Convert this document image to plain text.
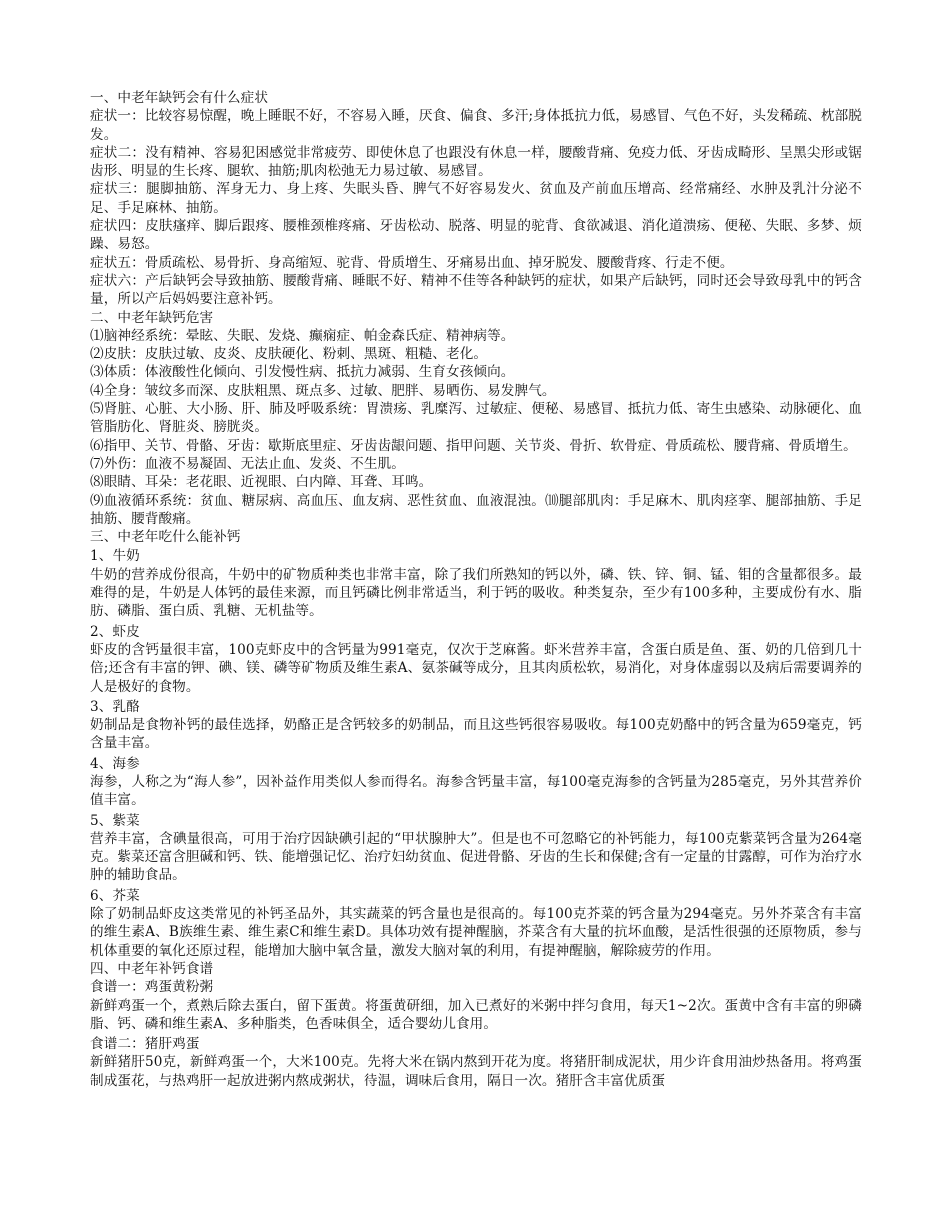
一、中老年缺钙会有什么症状

症状一：比较容易惊醒，晚上睡眠不好，不容易入睡，厌食、偏食、多汗;身体抵抗力低，易感冒、气色不好，头发稀疏、枕部脱发。

症状二：没有精神、容易犯困感觉非常疲劳、即使休息了也跟没有休息一样，腰酸背痛、免疫力低、牙齿成畸形、呈黑尖形或锯齿形、明显的生长疼、腿软、抽筋;肌肉松弛无力易过敏、易感冒。

症状三：腿脚抽筋、浑身无力、身上疼、失眠头昏、脾气不好容易发火、贫血及产前血压增高、经常痛经、水肿及乳汁分泌不足、手足麻林、抽筋。

症状四：皮肤瘙痒、脚后跟疼、腰椎颈椎疼痛、牙齿松动、脱落、明显的驼背、食欲减退、消化道溃疡、便秘、失眠、多梦、烦躁、易怒。

症状五：骨质疏松、易骨折、身高缩短、驼背、骨质增生、牙痛易出血、掉牙脱发、腰酸背疼、行走不便。

症状六：产后缺钙会导致抽筋、腰酸背痛、睡眠不好、精神不佳等各种缺钙的症状，如果产后缺钙，同时还会导致母乳中的钙含量，所以产后妈妈要注意补钙。

二、中老年缺钙危害

⑴脑神经系统：晕眩、失眠、发烧、癫痫症、帕金森氏症、精神病等。

⑵皮肤：皮肤过敏、皮炎、皮肤硬化、粉刺、黑斑、粗糙、老化。

⑶体质：体液酸性化倾向、引发慢性病、抵抗力减弱、生育女孩倾向。

⑷全身：皱纹多而深、皮肤粗黑、斑点多、过敏、肥胖、易晒伤、易发脾气。

⑸肾脏、心脏、大小肠、肝、肺及呼吸系统：胃溃疡、乳糜泻、过敏症、便秘、易感冒、抵抗力低、寄生虫感染、动脉硬化、血管脂肪化、肾脏炎、膀胱炎。

⑹指甲、关节、骨骼、牙齿：歇斯底里症、牙齿齿龈问题、指甲问题、关节炎、骨折、软骨症、骨质疏松、腰背痛、骨质增生。

⑺外伤：血液不易凝固、无法止血、发炎、不生肌。

⑻眼睛、耳朵：老花眼、近视眼、白内障、耳聋、耳鸣。

⑼血液循环系统：贫血、糖尿病、高血压、血友病、恶性贫血、血液混浊。⑽腿部肌肉：手足麻木、肌肉痉挛、腿部抽筋、手足抽筋、腰背酸痛。

三、中老年吃什么能补钙

1、牛奶

牛奶的营养成份很高，牛奶中的矿物质种类也非常丰富，除了我们所熟知的钙以外，磷、铁、锌、铜、锰、钼的含量都很多。最难得的是，牛奶是人体钙的最佳来源，而且钙磷比例非常适当，利于钙的吸收。种类复杂，至少有100多种，主要成份有水、脂肪、磷脂、蛋白质、乳糖、无机盐等。

2、虾皮

虾皮的含钙量很丰富，100克虾皮中的含钙量为991毫克，仅次于芝麻酱。虾米营养丰富，含蛋白质是鱼、蛋、奶的几倍到几十倍;还含有丰富的钾、碘、镁、磷等矿物质及维生素A、氨茶碱等成分，且其肉质松软，易消化，对身体虚弱以及病后需要调养的人是极好的食物。

3、乳酪

奶制品是食物补钙的最佳选择，奶酪正是含钙较多的奶制品，而且这些钙很容易吸收。每100克奶酪中的钙含量为659毫克，钙含量丰富。

4、海参

海参，人称之为“海人参”，因补益作用类似人参而得名。海参含钙量丰富，每100毫克海参的含钙量为285毫克，另外其营养价值丰富。

5、紫菜

营养丰富，含碘量很高，可用于治疗因缺碘引起的“甲状腺肿大”。但是也不可忽略它的补钙能力，每100克紫菜钙含量为264毫克。紫菜还富含胆碱和钙、铁、能增强记忆、治疗妇幼贫血、促进骨骼、牙齿的生长和保健;含有一定量的甘露醇，可作为治疗水肿的辅助食品。

6、芥菜

除了奶制品虾皮这类常见的补钙圣品外，其实蔬菜的钙含量也是很高的。每100克芥菜的钙含量为294毫克。另外芥菜含有丰富的维生素A、B族维生素、维生素C和维生素D。具体功效有提神醒脑，芥菜含有大量的抗坏血酸，是活性很强的还原物质，参与机体重要的氧化还原过程，能增加大脑中氧含量，激发大脑对氧的利用，有提神醒脑，解除疲劳的作用。

四、中老年补钙食谱

食谱一：鸡蛋黄粉粥

新鲜鸡蛋一个，煮熟后除去蛋白，留下蛋黄。将蛋黄研细，加入已煮好的米粥中拌匀食用，每天1~2次。蛋黄中含有丰富的卵磷脂、钙、磷和维生素A、多种脂类，色香味俱全，适合婴幼儿食用。

食谱二：猪肝鸡蛋

新鲜猪肝50克，新鲜鸡蛋一个，大米100克。先将大米在锅内熬到开花为度。将猪肝制成泥状，用少许食用油炒热备用。将鸡蛋制成蛋花，与热鸡肝一起放进粥内熬成粥状，待温，调味后食用，隔日一次。猪肝含丰富优质蛋
